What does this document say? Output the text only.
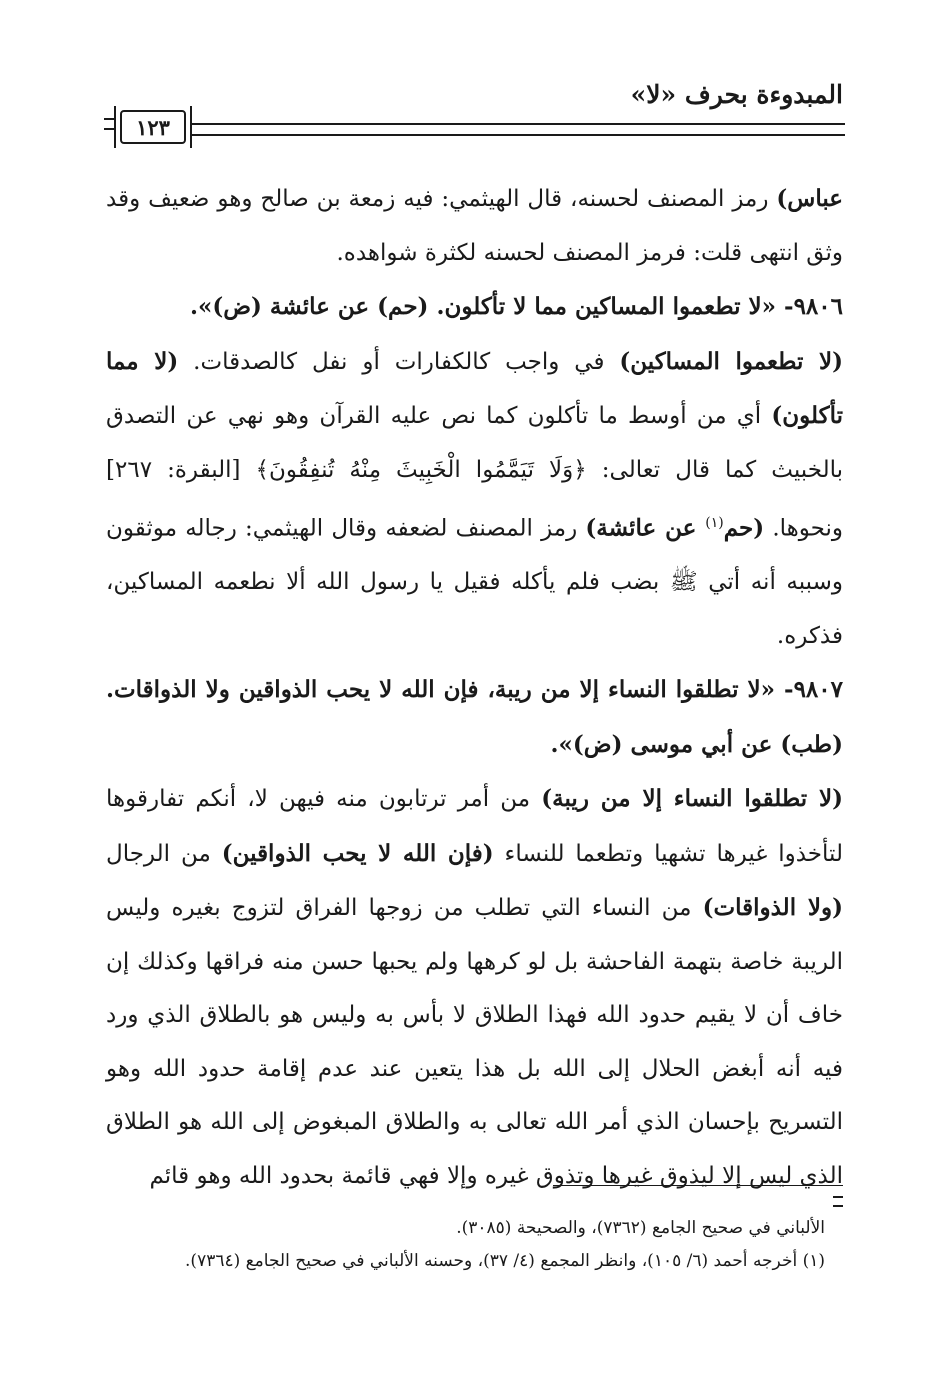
المبدوءة بحرف «لا»
١٢٣

عباس) رمز المصنف لحسنه، قال الهيثمي: فيه زمعة بن صالح وهو ضعيف وقد وثق انتهى قلت: فرمز المصنف لحسنه لكثرة شواهده.

٩٨٠٦- «لا تطعموا المساكين مما لا تأكلون. (حم) عن عائشة (ض)».

(لا تطعموا المساكين) في واجب كالكفارات أو نفل كالصدقات. (لا مما تأكلون) أي من أوسط ما تأكلون كما نص عليه القرآن وهو نهي عن التصدق بالخبيث كما قال تعالى: ﴿وَلَا تَيَمَّمُوا الْخَبِيثَ مِنْهُ تُنفِقُونَ﴾ [البقرة: ٢٦٧] ونحوها. (حم$^{(١)}$ عن عائشة) رمز المصنف لضعفه وقال الهيثمي: رجاله موثقون وسببه أنه أتي ﷺ بضب فلم يأكله فقيل يا رسول الله ألا نطعمه المساكين، فذكره.

٩٨٠٧- «لا تطلقوا النساء إلا من ريبة، فإن الله لا يحب الذواقين ولا الذواقات. (طب) عن أبي موسى (ض)».

(لا تطلقوا النساء إلا من ريبة) من أمر ترتابون منه فيهن لا، أنكم تفارقوها لتأخذوا غيرها تشهيا وتطعما للنساء (فإن الله لا يحب الذواقين) من الرجال (ولا الذواقات) من النساء التي تطلب من زوجها الفراق لتزوج بغيره وليس الريبة خاصة بتهمة الفاحشة بل لو كرهها ولم يحبها حسن منه فراقها وكذلك إن خاف أن لا يقيم حدود الله فهذا الطلاق لا بأس به وليس هو بالطلاق الذي ورد فيه أنه أبغض الحلال إلى الله بل هذا يتعين عند عدم إقامة حدود الله وهو التسريح بإحسان الذي أمر الله تعالى به والطلاق المبغوض إلى الله هو الطلاق الذي ليس إلا ليذوق غيرها وتذوق غيره وإلا فهي قائمة بحدود الله وهو قائم

الألباني في صحيح الجامع (٧٣٦٢)، والصحيحة (٣٠٨٥).

(١) أخرجه أحمد (٦/ ١٠٥)، وانظر المجمع (٤/ ٣٧)، وحسنه الألباني في صحيح الجامع (٧٣٦٤).
